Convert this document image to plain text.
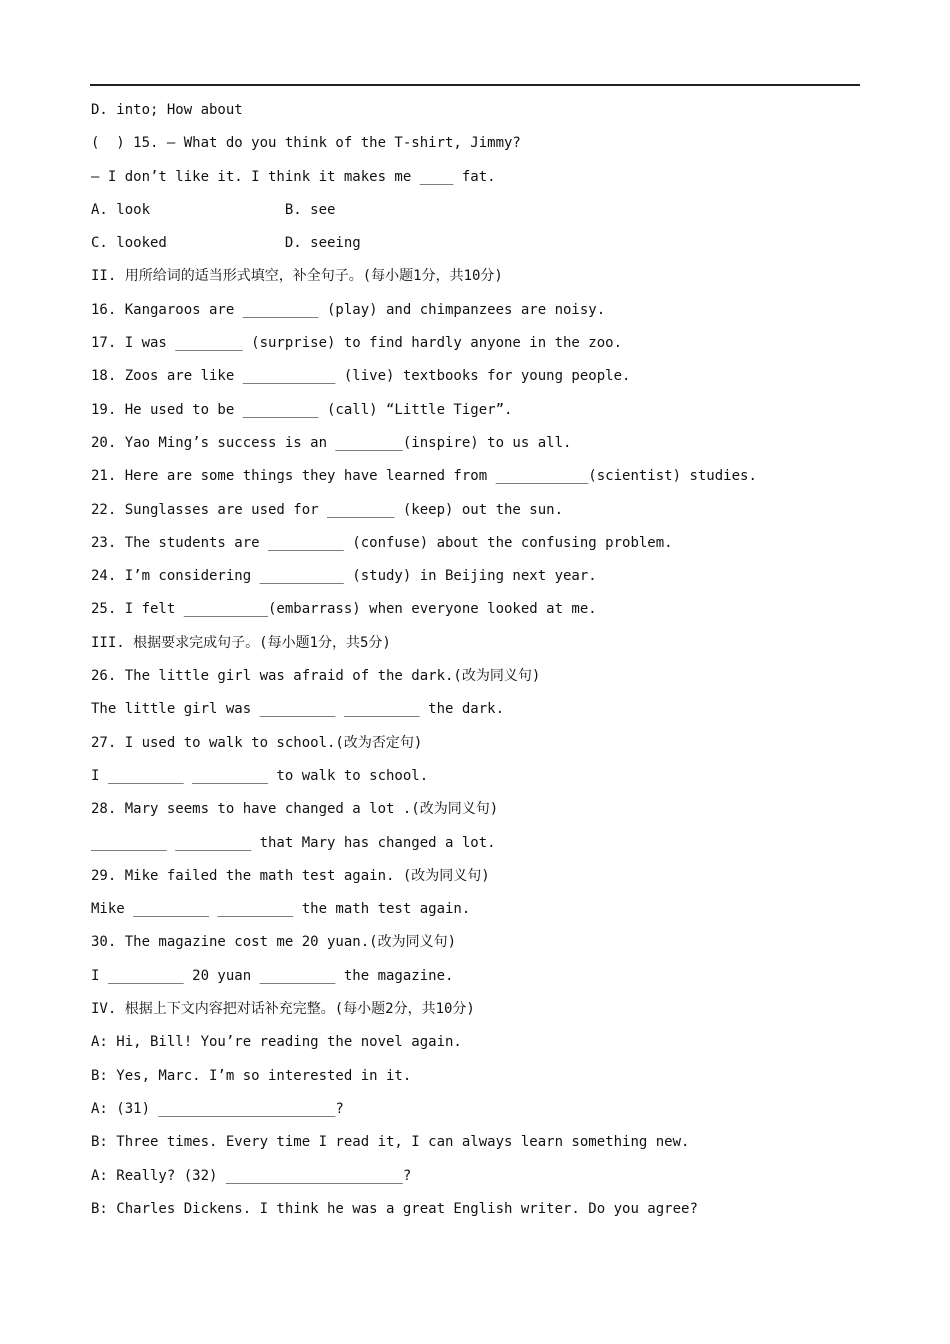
D. into; How about
(  ) 15. — What do you think of the T-shirt, Jimmy?
— I don’t like it. I think it makes me ____ fat.
A. look                B. see
C. looked              D. seeing
II. 用所给词的适当形式填空，补全句子。(每小题1分，共10分)
16. Kangaroos are _________ (play) and chimpanzees are noisy.
17. I was ________ (surprise) to find hardly anyone in the zoo.
18. Zoos are like ___________ (live) textbooks for young people.
19. He used to be _________ (call) “Little Tiger”.
20. Yao Ming’s success is an ________(inspire) to us all.
21. Here are some things they have learned from ___________(scientist) studies.
22. Sunglasses are used for ________ (keep) out the sun.
23. The students are _________ (confuse) about the confusing problem.
24. I’m considering __________ (study) in Beijing next year.
25. I felt __________(embarrass) when everyone looked at me.
III. 根据要求完成句子。(每小题1分，共5分)
26. The little girl was afraid of the dark.(改为同义句)
The little girl was _________ _________ the dark.
27. I used to walk to school.(改为否定句)
I _________ _________ to walk to school.
28. Mary seems to have changed a lot .(改为同义句)
_________ _________ that Mary has changed a lot.
29. Mike failed the math test again. (改为同义句)
Mike _________ _________ the math test again.
30. The magazine cost me 20 yuan.(改为同义句)
I _________ 20 yuan _________ the magazine.
IV. 根据上下文内容把对话补充完整。(每小题2分，共10分)
A: Hi, Bill! You’re reading the novel again.
B: Yes, Marc. I’m so interested in it.
A: (31) _____________________?
B: Three times. Every time I read it, I can always learn something new.
A: Really? (32) _____________________?
B: Charles Dickens. I think he was a great English writer. Do you agree?
